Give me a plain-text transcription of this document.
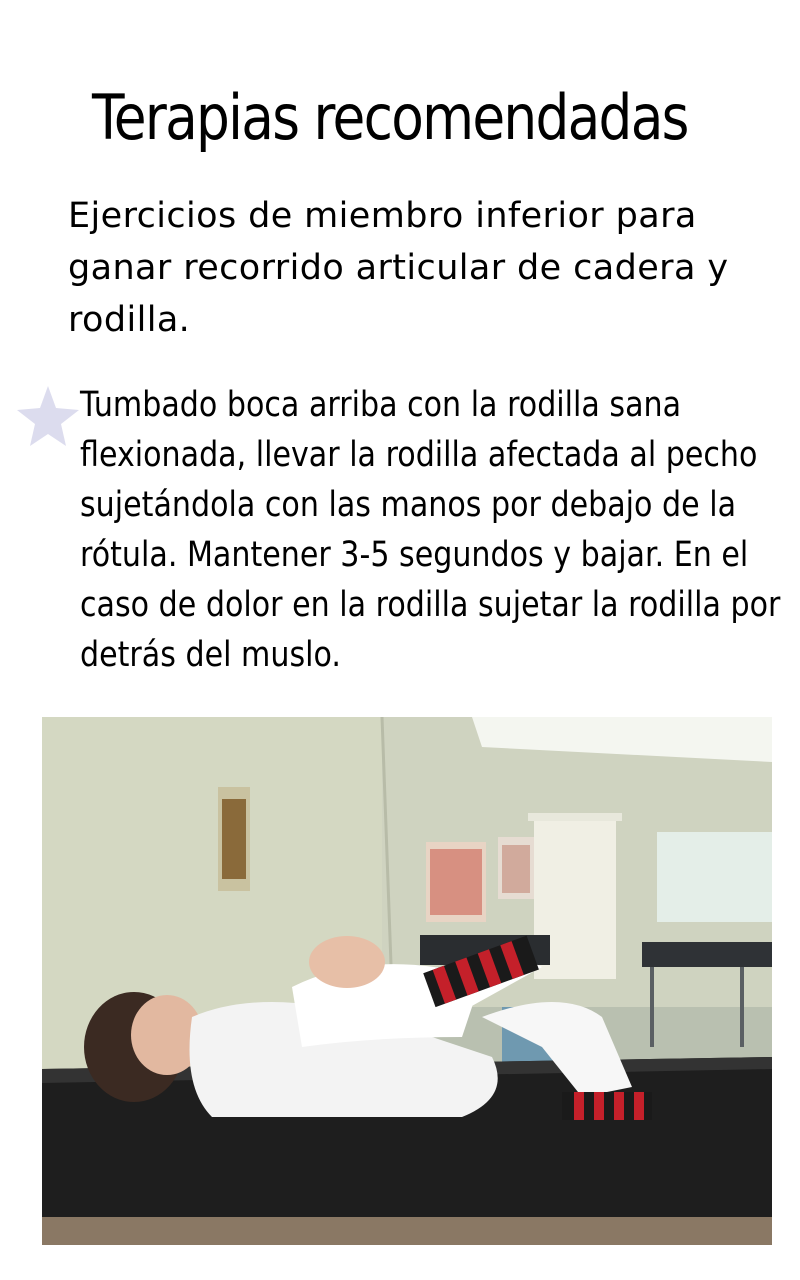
Terapias recomendadas

Ejercicios de miembro inferior para ganar recorrido articular de cadera y rodilla.

Tumbado boca arriba con la rodilla sana flexionada, llevar la rodilla afectada al pecho sujetándola con las manos por debajo de la rótula. Mantener 3-5 segundos y bajar. En el caso de dolor en la rodilla sujetar la rodilla por detrás del muslo.
